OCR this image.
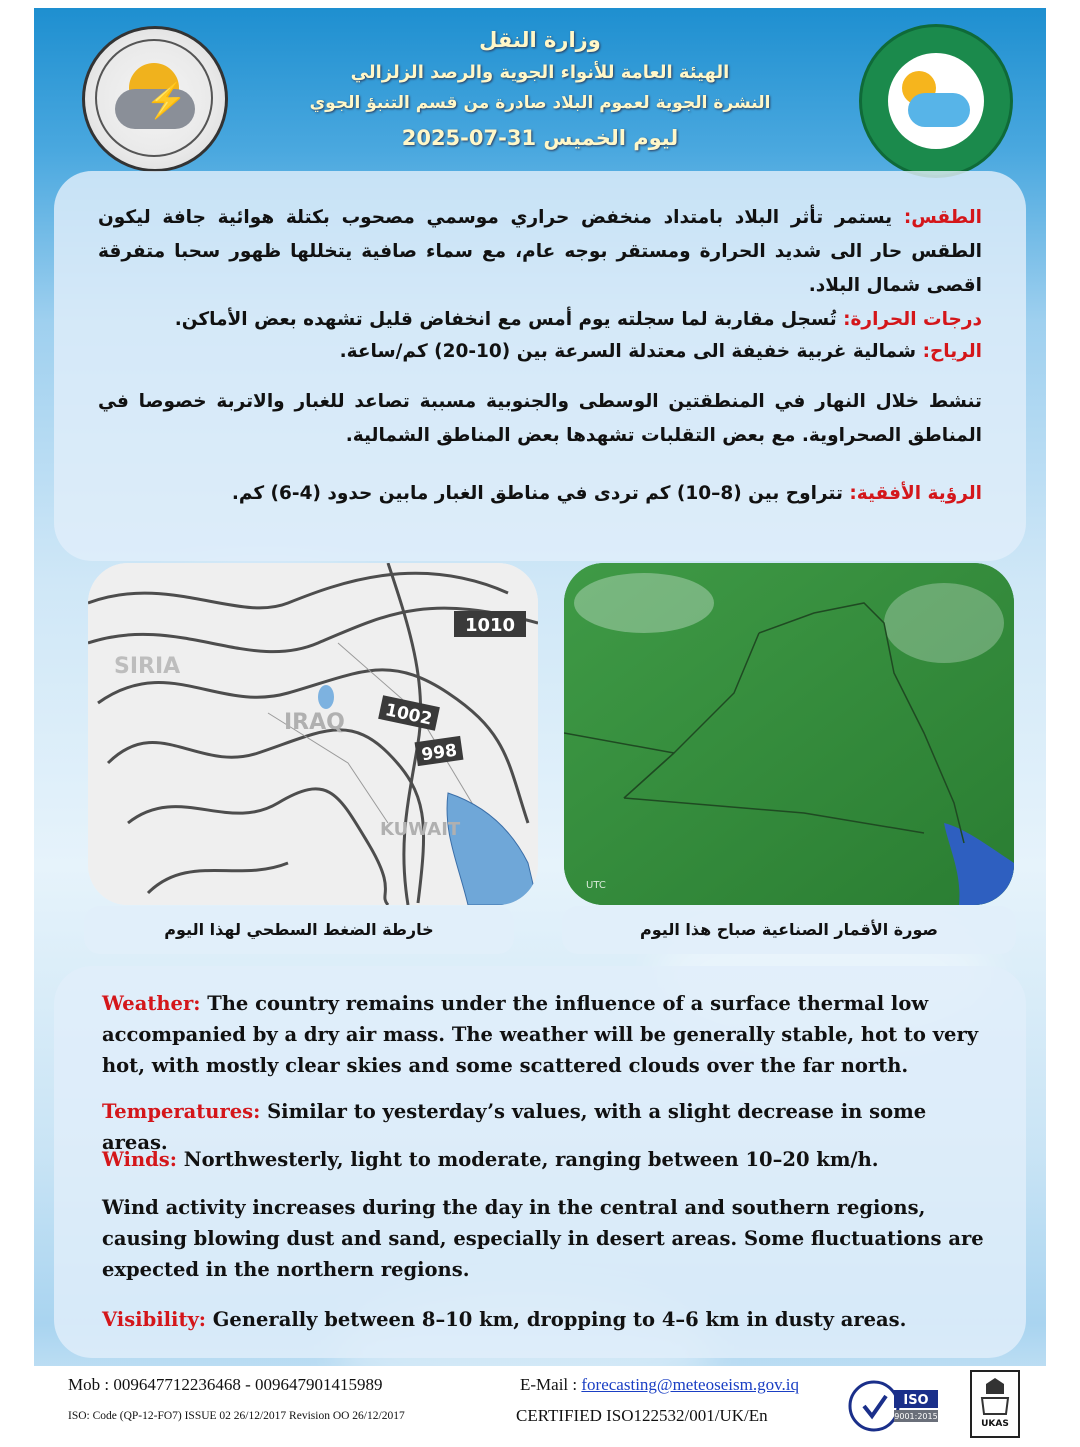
⚡
وزارة النقل
الهيئة العامة للأنواء الجوية والرصد الزلزالي
النشرة الجوية لعموم البلاد صادرة من قسم التنبؤ الجوي
ليوم الخميس 31-07-2025
الطقس: يستمر تأثر البلاد بامتداد منخفض حراري موسمي مصحوب بكتلة هوائية جافة ليكون الطقس حار الى شديد الحرارة ومستقر بوجه عام، مع سماء صافية يتخللها ظهور سحبا متفرقة اقصى شمال البلاد.
درجات الحرارة: تُسجل مقاربة لما سجلته يوم أمس مع انخفاض قليل تشهده بعض الأماكن.
الرياح: شمالية غربية خفيفة الى معتدلة السرعة بين (10-20) كم/ساعة.
تنشط خلال النهار في المنطقتين الوسطى والجنوبية مسببة تصاعد للغبار والاتربة خصوصا في المناطق الصحراوية. مع بعض التقلبات تشهدها بعض المناطق الشمالية.
الرؤية الأفقية: تتراوح بين (8–10) كم تردى في مناطق الغبار مابين حدود (4-6) كم.
1010
1002
998
SIRIA
IRAQ
KUWAIT
UTC
خارطة الضغط السطحي لهذا اليوم	صورة الأقمار الصناعية صباح هذا اليوم
Weather: The country remains under the influence of a surface thermal low accompanied by a dry air mass. The weather will be generally stable, hot to very hot, with mostly clear skies and some scattered clouds over the far north.
Temperatures: Similar to yesterday’s values, with a slight decrease in some areas.
Winds: Northwesterly, light to moderate, ranging between 10–20 km/h.
Wind activity increases during the day in the central and southern regions, causing blowing dust and sand, especially in desert areas. Some fluctuations are expected in the northern regions.
Visibility: Generally between 8–10 km, dropping to 4–6 km in dusty areas.
Mob : 009647712236468 - 009647901415989	E-Mail : forecasting@meteoseism.gov.iq
ISO: Code (QP-12-FO7) ISSUE 02 26/12/2017 Revision OO 26/12/2017	CERTIFIED ISO122532/001/UK/En
ISO
9001:2015
UKAS
